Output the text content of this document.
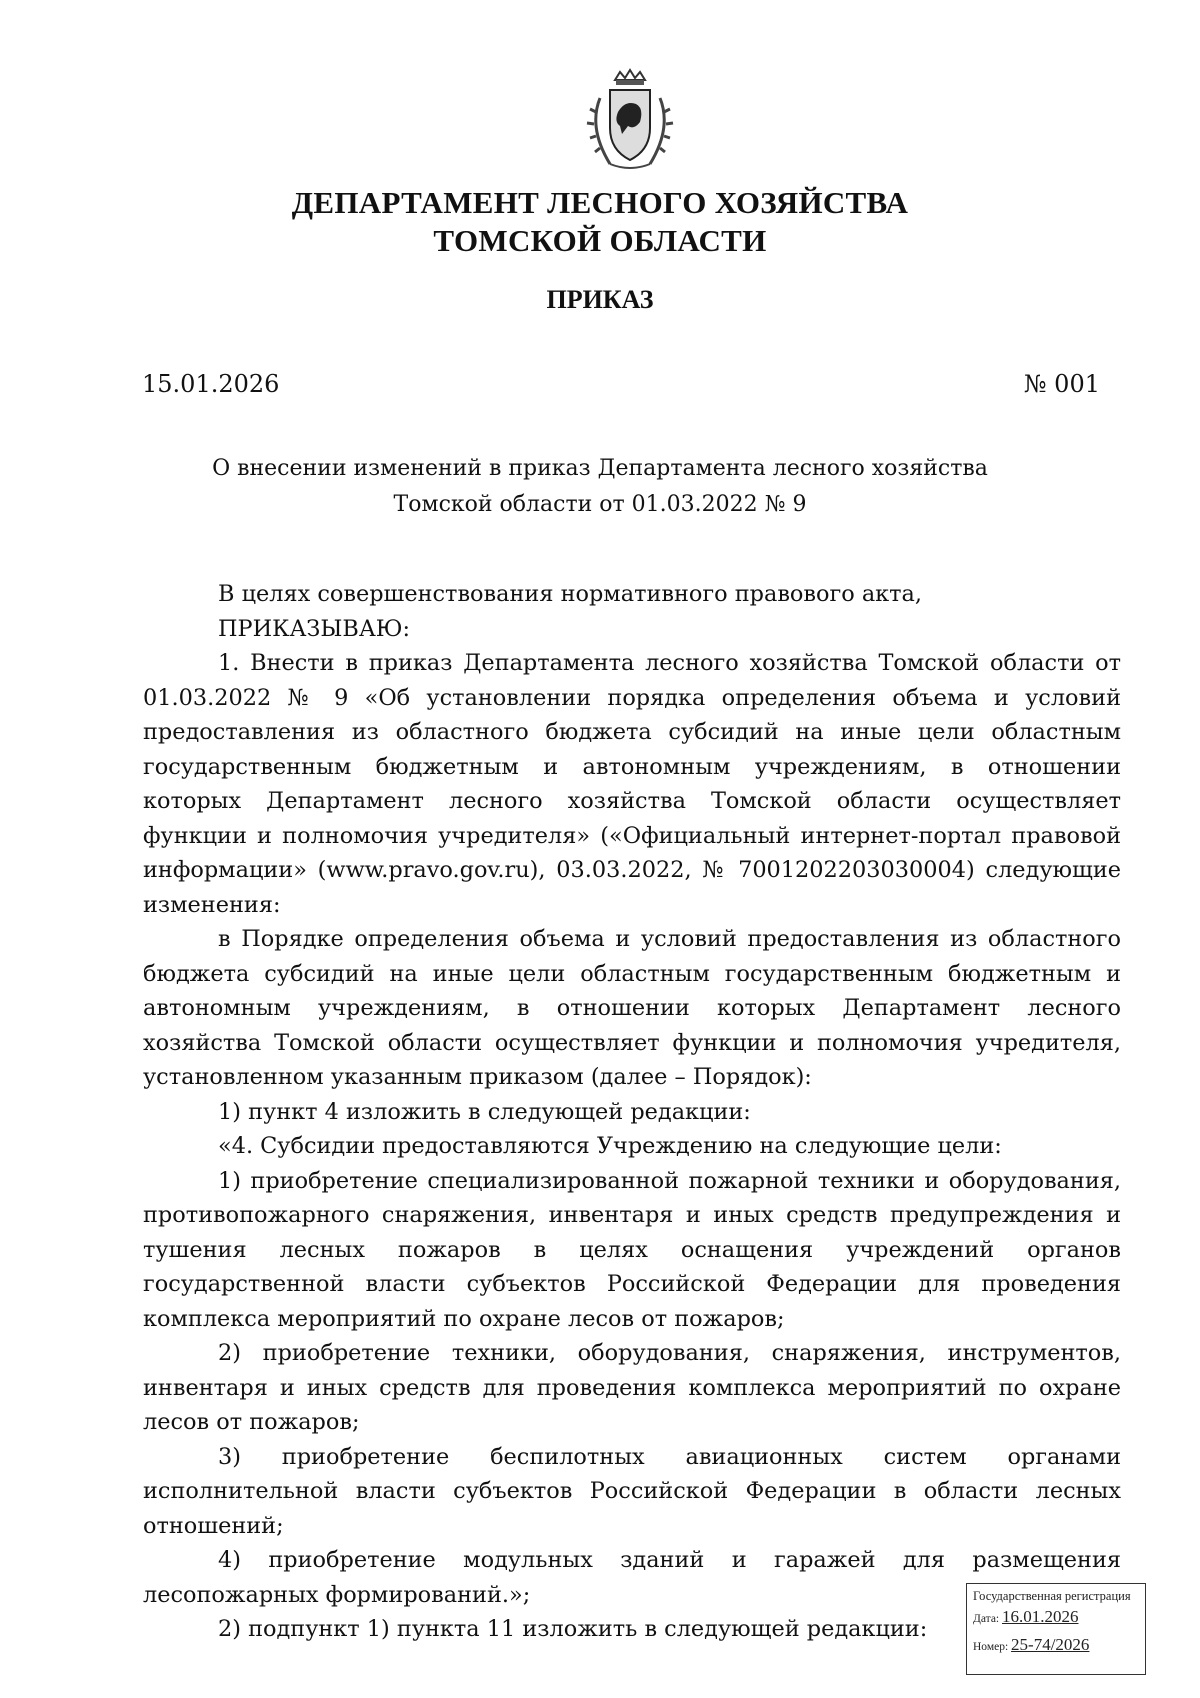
ДЕПАРТАМЕНТ ЛЕСНОГО ХОЗЯЙСТВА
ТОМСКОЙ ОБЛАСТИ
ПРИКАЗ
15.01.2026	№ 001
О внесении изменений в приказ Департамента лесного хозяйства
Томской области от 01.03.2022 № 9

В целях совершенствования нормативного правового акта,

ПРИКАЗЫВАЮ:

1. Внести в приказ Департамента лесного хозяйства Томской области от 01.03.2022 № 9 «Об установлении порядка определения объема и условий предоставления из областного бюджета субсидий на иные цели областным государственным бюджетным и автономным учреждениям, в отношении которых Департамент лесного хозяйства Томской области осуществляет функции и полномочия учредителя» («Официальный интернет-портал правовой информации» (www.pravo.gov.ru), 03.03.2022, № 7001202203030004) следующие изменения:

в Порядке определения объема и условий предоставления из областного бюджета субсидий на иные цели областным государственным бюджетным и автономным учреждениям, в отношении которых Департамент лесного хозяйства Томской области осуществляет функции и полномочия учредителя, установленном указанным приказом (далее – Порядок):

1) пункт 4 изложить в следующей редакции:

«4. Субсидии предоставляются Учреждению на следующие цели:

1) приобретение специализированной пожарной техники и оборудования, противопожарного снаряжения, инвентаря и иных средств предупреждения и тушения лесных пожаров в целях оснащения учреждений органов государственной власти субъектов Российской Федерации для проведения комплекса мероприятий по охране лесов от пожаров;

2) приобретение техники, оборудования, снаряжения, инструментов, инвентаря и иных средств для проведения комплекса мероприятий по охране лесов от пожаров;

3) приобретение беспилотных авиационных систем органами исполнительной власти субъектов Российской Федерации в области лесных отношений;

4) приобретение модульных зданий и гаражей для размещения лесопожарных формирований.»;

2) подпункт 1) пункта 11 изложить в следующей редакции:

Государственная регистрация
Дата: 16.01.2026
Номер: 25-74/2026
